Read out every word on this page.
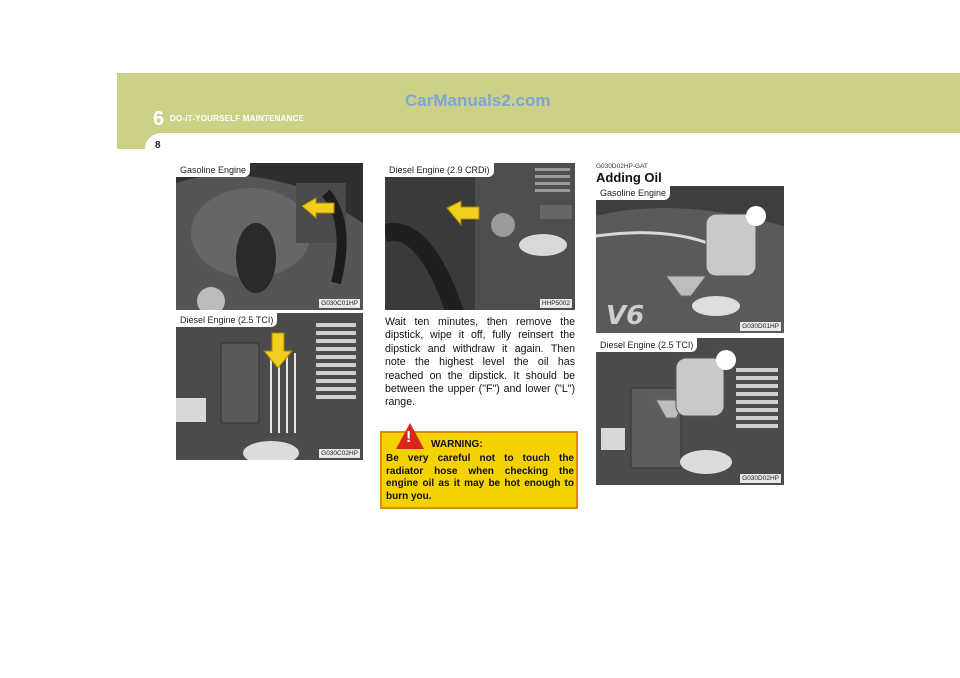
6 DO-IT-YOURSELF MAINTENANCE
CarManuals2.com
8
Gasoline Engine
G030C01HP
Diesel Engine (2.5 TCI)
G030C02HP
Diesel Engine (2.9 CRDi)
HHP5002
Wait ten minutes, then remove the dipstick, wipe it off, fully reinsert the dipstick and withdraw it again. Then note the highest level the oil has reached on the dipstick. It should be between the upper ("F") and lower ("L") range.
! WARNING:
Be very careful not to touch the radiator hose when checking the engine oil as it may be hot enough to burn you.
G030D02HP-GAT
Adding Oil
V6
Gasoline Engine
G030D01HP
Diesel Engine (2.5 TCI)
G030D02HP
